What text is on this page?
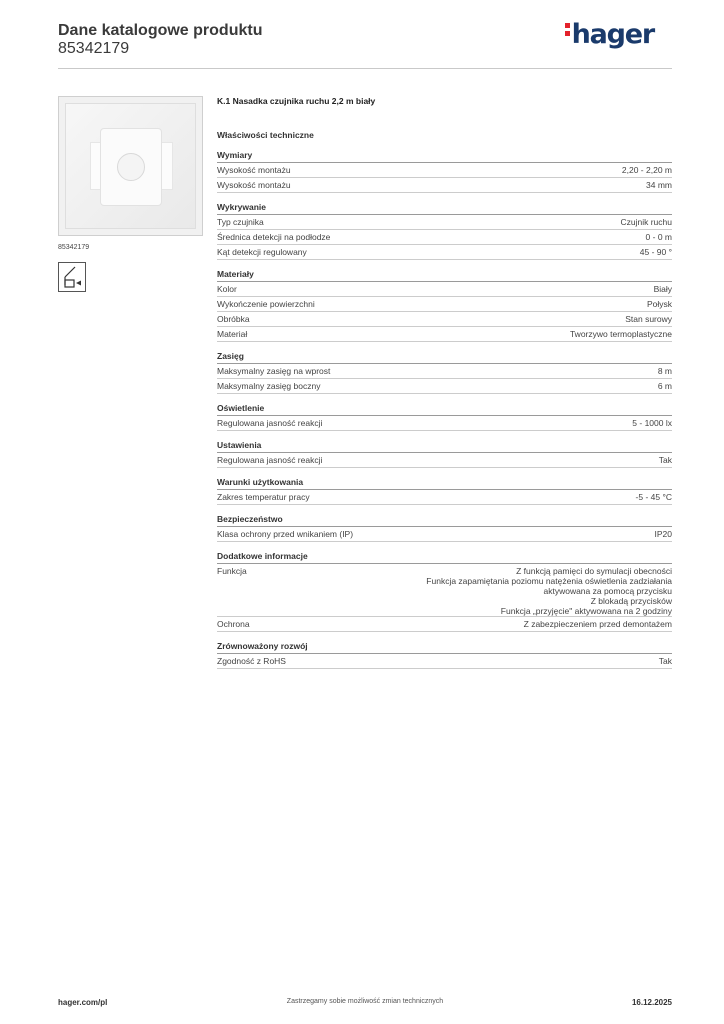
Dane katalogowe produktu
85342179	hager
85342179
K.1 Nasadka czujnika ruchu 2,2 m biały
Właściwości techniczne
Wymiary
Wysokość montażu	2,20 - 2,20 m
Wysokość montażu	34 mm
Wykrywanie
Typ czujnika	Czujnik ruchu
Średnica detekcji na podłodze	0 - 0 m
Kąt detekcji regulowany	45 - 90 °
Materiały
Kolor	Biały
Wykończenie powierzchni	Połysk
Obróbka	Stan surowy
Materiał	Tworzywo termoplastyczne
Zasięg
Maksymalny zasięg na wprost	8 m
Maksymalny zasięg boczny	6 m
Oświetlenie
Regulowana jasność reakcji	5 - 1000 lx
Ustawienia
Regulowana jasność reakcji	Tak
Warunki użytkowania
Zakres temperatur pracy	-5 - 45 °C
Bezpieczeństwo
Klasa ochrony przed wnikaniem (IP)	IP20
Dodatkowe informacje
Funkcja	Z funkcją pamięci do symulacji obecności
Funkcja zapamiętania poziomu natężenia oświetlenia zadziałania
aktywowana za pomocą przycisku
Z blokadą przycisków
Funkcja „przyjęcie" aktywowana na 2 godziny
Ochrona	Z zabezpieczeniem przed demontażem
Zrównoważony rozwój
Zgodność z RoHS	Tak
hager.com/pl	Zastrzegamy sobie możliwość zmian technicznych	16.12.2025
